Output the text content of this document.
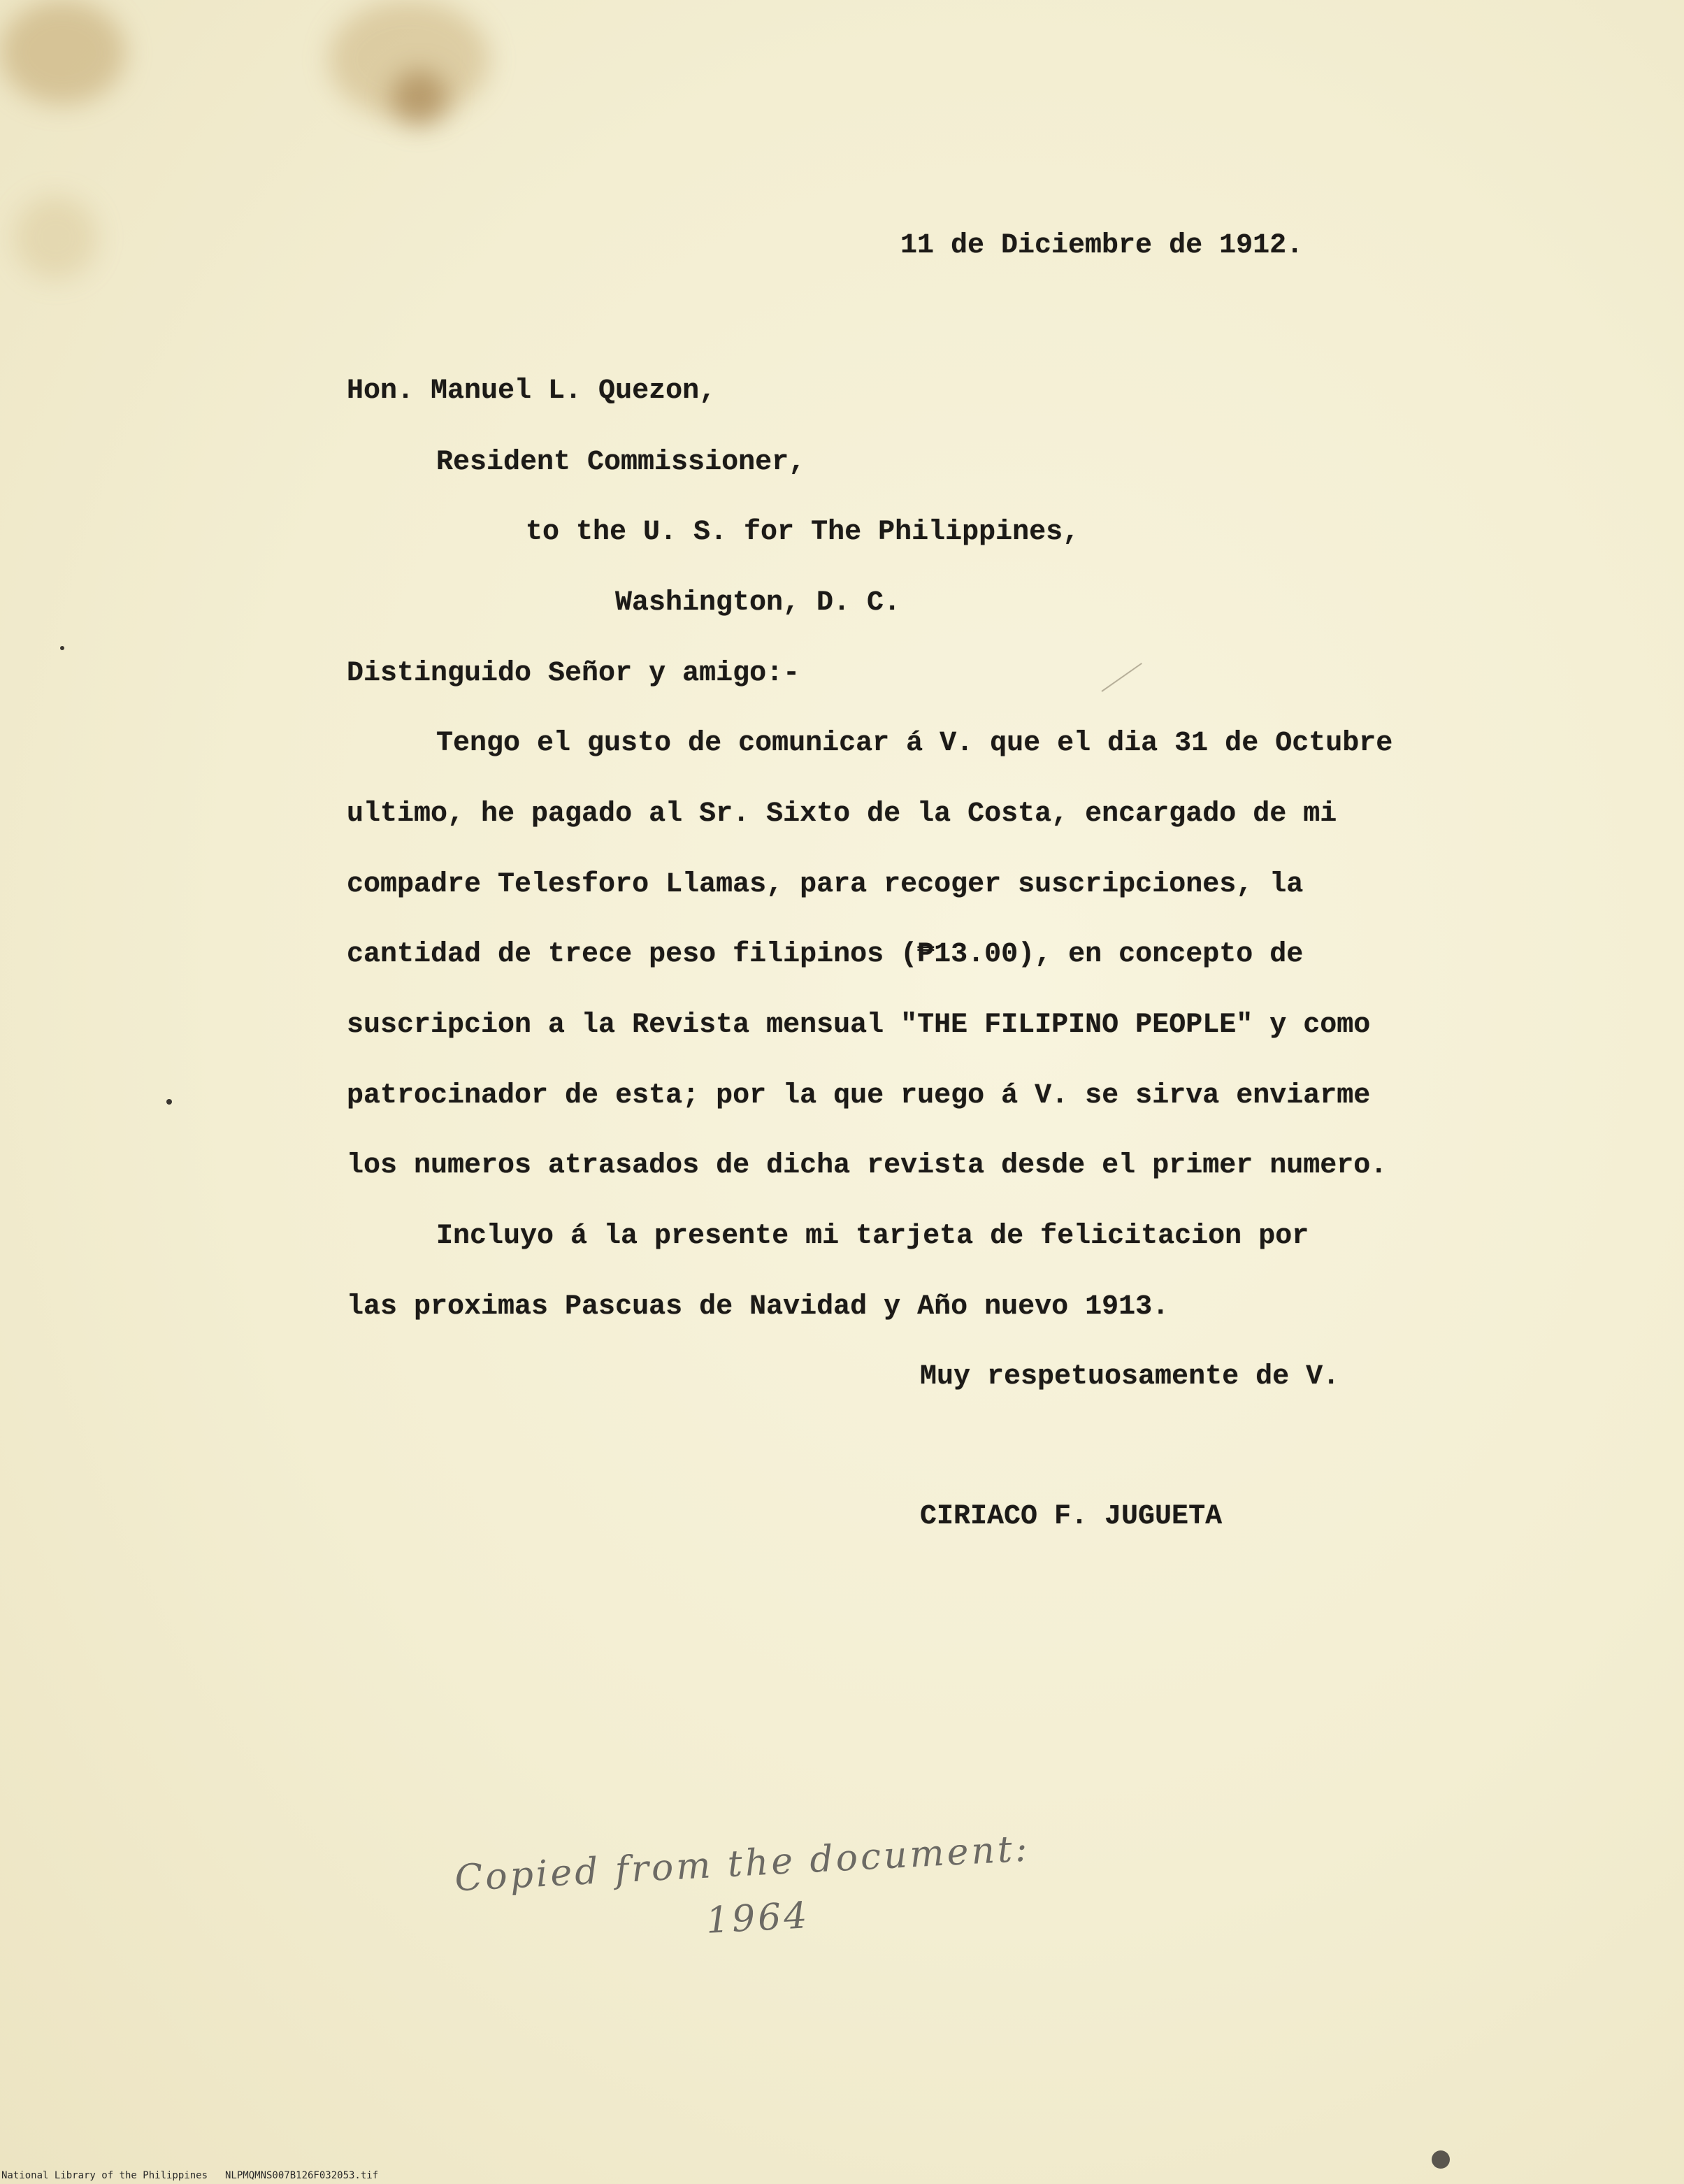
11 de Diciembre de 1912.
Hon. Manuel L. Quezon,
Resident Commissioner,
to the U. S. for The Philippines,
Washington, D. C.
Distinguido Señor y amigo:-
Tengo el gusto de comunicar á V. que el dia 31 de Octubre
ultimo, he pagado al Sr. Sixto de la Costa, encargado de mi
compadre Telesforo Llamas, para recoger suscripciones, la
cantidad de trece peso filipinos (₱13.00), en concepto de
suscripcion a la Revista mensual "THE FILIPINO PEOPLE" y como
patrocinador de esta; por la que ruego á V. se sirva enviarme
los numeros atrasados de dicha revista desde el primer numero.
Incluyo á la presente mi tarjeta de felicitacion por
las proximas Pascuas de Navidad y Año nuevo 1913.
Muy respetuosamente de V.
CIRIACO F. JUGUETA
Copied from the document:
1964
National Library of the Philippines NLPMQMNS007B126F032053.tif
